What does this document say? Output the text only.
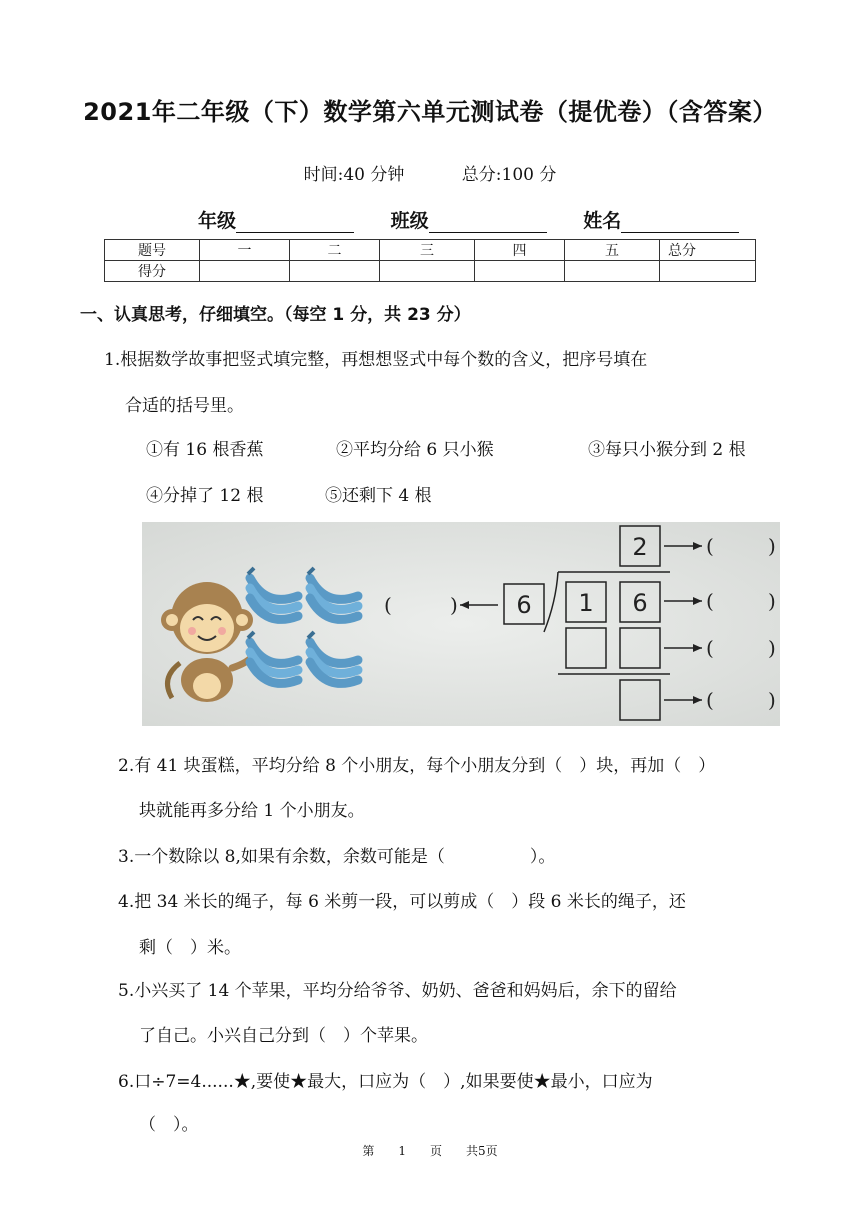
2021年二年级（下）数学第六单元测试卷（提优卷）（含答案）
时间:40 分钟	总分:100 分
年级	班级	姓名
题号	一	二	三	四	五	总分
得分						
一、认真思考，仔细填空。（每空 1 分，共 23 分）
1.根据数学故事把竖式填完整，再想想竖式中每个数的含义，把序号填在
合适的括号里。
①有 16 根香蕉	②平均分给 6 只小猴	③每只小猴分到 2 根
④分掉了 12 根	⑤还剩下 4 根
(	) 6
2
1 6
(	)
(	)
(	)
(	)
2.有 41 块蛋糕，平均分给 8 个小朋友，每个小朋友分到（　）块，再加（　）
块就能再多分给 1 个小朋友。
3.一个数除以 8,如果有余数，余数可能是（　　　　　）。
4.把 34 米长的绳子，每 6 米剪一段，可以剪成（　）段 6 米长的绳子，还
剩（　）米。
5.小兴买了 14 个苹果，平均分给爷爷、奶奶、爸爸和妈妈后，余下的留给
了自己。小兴自己分到（　）个苹果。
6.口÷7=4......★,要使★最大，口应为（　）,如果要使★最小，口应为
（　）。
第 1 页 共5页
